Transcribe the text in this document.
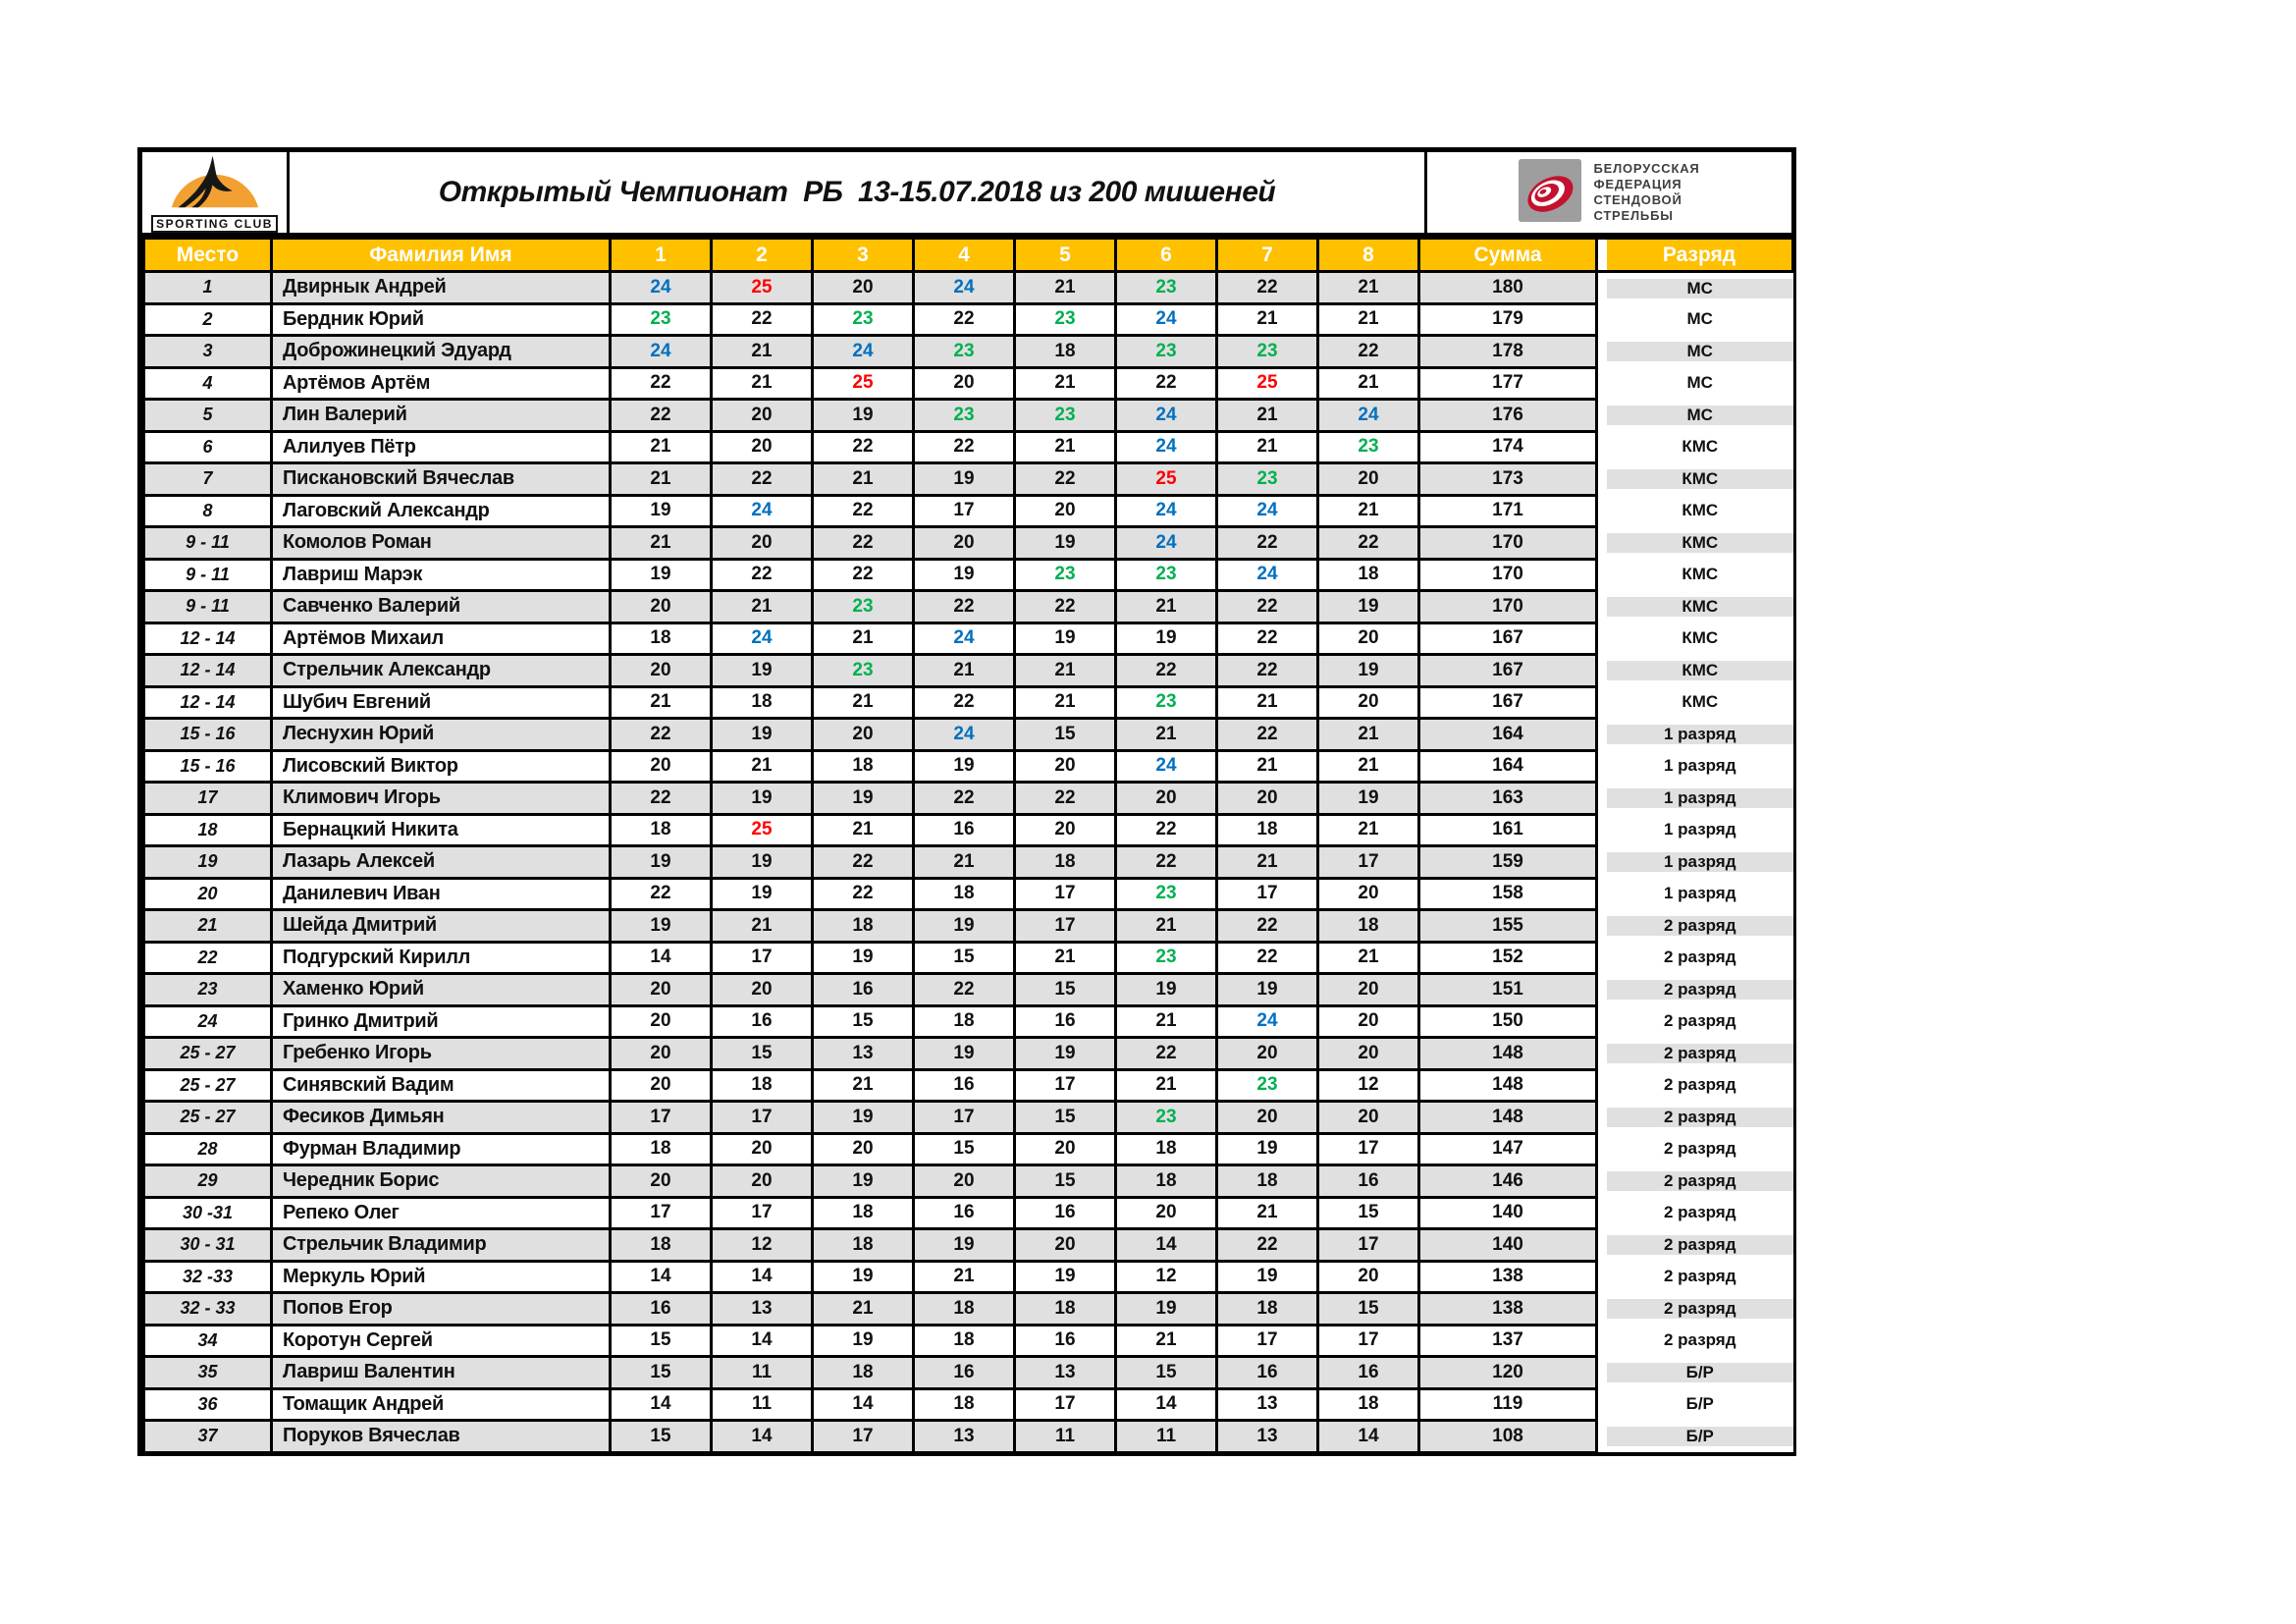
SPORTING CLUB
Открытый Чемпионат  РБ  13-15.07.2018 из 200 мишеней
БЕЛОРУССКАЯ
ФЕДЕРАЦИЯ
СТЕНДОВОЙ
СТРЕЛЬБЫ
Место	Фамилия Имя	1	2	3	4	5	6	7	8	Сумма	Разряд

1	Двирнык Андрей	24	25	20	24	21	23	22	21	180	МС

2	Бердник Юрий	23	22	23	22	23	24	21	21	179	МС

3	Доброжинецкий Эдуард	24	21	24	23	18	23	23	22	178	МС

4	Артёмов Артём	22	21	25	20	21	22	25	21	177	МС

5	Лин Валерий	22	20	19	23	23	24	21	24	176	МС

6	Алилуев Пётр	21	20	22	22	21	24	21	23	174	КМС

7	Пискановский Вячеслав	21	22	21	19	22	25	23	20	173	КМС

8	Лаговский Александр	19	24	22	17	20	24	24	21	171	КМС

9 - 11	Комолов Роман	21	20	22	20	19	24	22	22	170	КМС

9 - 11	Лавриш Марэк	19	22	22	19	23	23	24	18	170	КМС

9 - 11	Савченко Валерий	20	21	23	22	22	21	22	19	170	КМС

12 - 14	Артёмов Михаил	18	24	21	24	19	19	22	20	167	КМС

12 - 14	Стрельчик Александр	20	19	23	21	21	22	22	19	167	КМС

12 - 14	Шубич Евгений	21	18	21	22	21	23	21	20	167	КМС

15 - 16	Леснухин Юрий	22	19	20	24	15	21	22	21	164	1 разряд

15 - 16	Лисовский Виктор	20	21	18	19	20	24	21	21	164	1 разряд

17	Климович Игорь	22	19	19	22	22	20	20	19	163	1 разряд

18	Бернацкий Никита	18	25	21	16	20	22	18	21	161	1 разряд

19	Лазарь Алексей	19	19	22	21	18	22	21	17	159	1 разряд

20	Данилевич Иван	22	19	22	18	17	23	17	20	158	1 разряд

21	Шейда Дмитрий	19	21	18	19	17	21	22	18	155	2 разряд

22	Подгурский Кирилл	14	17	19	15	21	23	22	21	152	2 разряд

23	Хаменко Юрий	20	20	16	22	15	19	19	20	151	2 разряд

24	Гринко Дмитрий	20	16	15	18	16	21	24	20	150	2 разряд

25 - 27	Гребенко Игорь	20	15	13	19	19	22	20	20	148	2 разряд

25 - 27	Синявский Вадим	20	18	21	16	17	21	23	12	148	2 разряд

25 - 27	Фесиков Димьян	17	17	19	17	15	23	20	20	148	2 разряд

28	Фурман Владимир	18	20	20	15	20	18	19	17	147	2 разряд

29	Чередник Борис	20	20	19	20	15	18	18	16	146	2 разряд

30 -31	Репеко Олег	17	17	18	16	16	20	21	15	140	2 разряд

30 - 31	Стрельчик Владимир	18	12	18	19	20	14	22	17	140	2 разряд

32 -33	Меркуль Юрий	14	14	19	21	19	12	19	20	138	2 разряд

32 - 33	Попов Егор	16	13	21	18	18	19	18	15	138	2 разряд

34	Коротун Сергей	15	14	19	18	16	21	17	17	137	2 разряд

35	Лавриш Валентин	15	11	18	16	13	15	16	16	120	Б/Р

36	Томащик Андрей	14	11	14	18	17	14	13	18	119	Б/Р

37	Поруков Вячеслав	15	14	17	13	11	11	13	14	108	Б/Р
